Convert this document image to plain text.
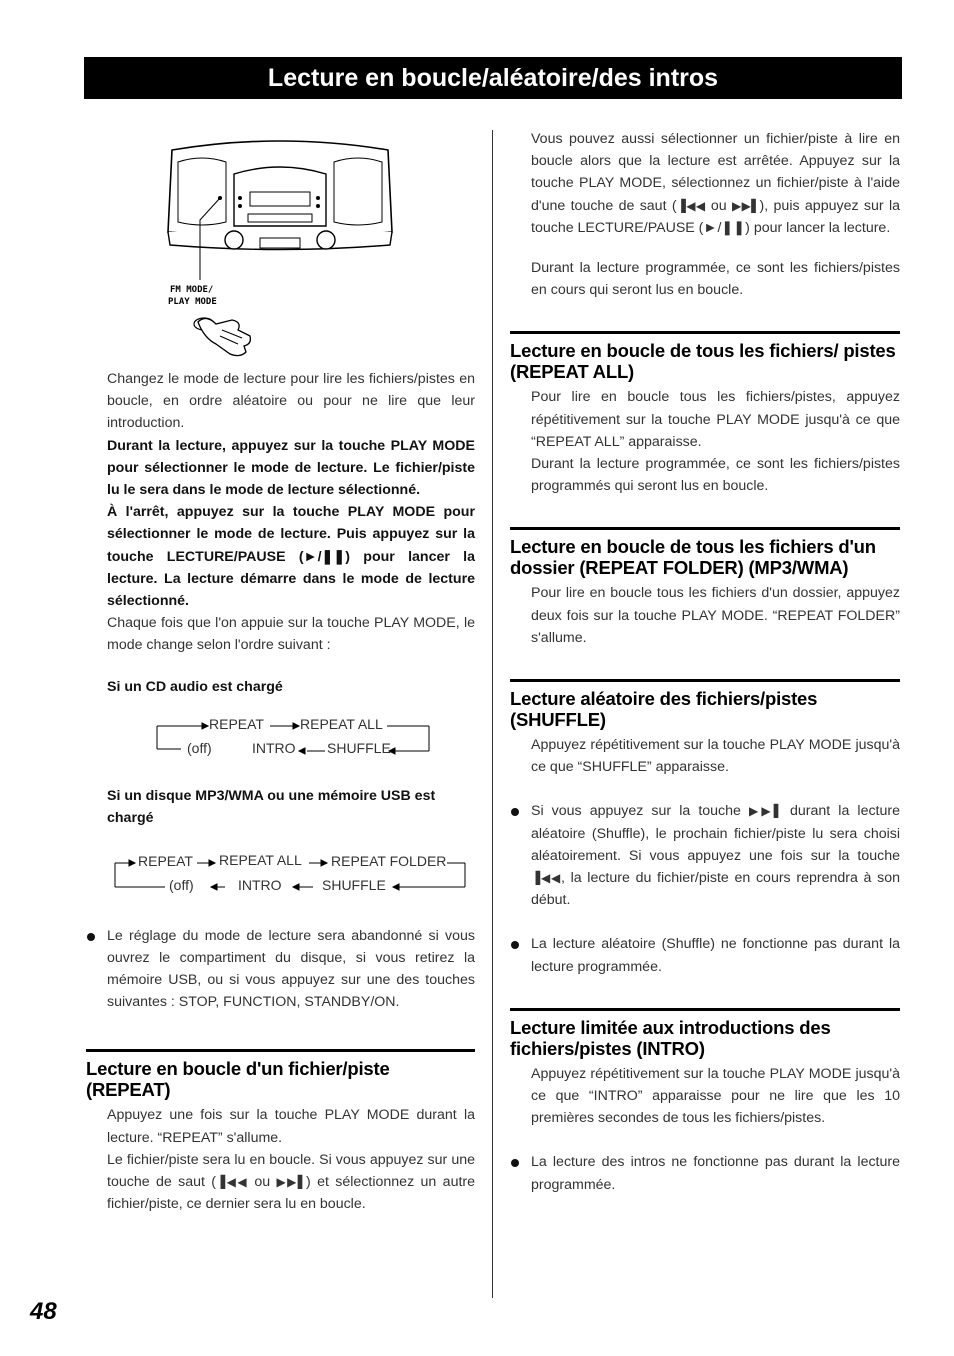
Lecture en boucle/aléatoire/des intros
FM MODE/
PLAY MODE

Changez le mode de lecture pour lire les fichiers/pistes en boucle, en ordre aléatoire ou pour ne lire que leur introduction.

Durant la lecture, appuyez sur la touche PLAY MODE pour sélectionner le mode de lecture. Le fichier/piste lu le sera dans le mode de lecture sélectionné.

À l'arrêt, appuyez sur la touche PLAY MODE pour sélectionner le mode de lecture. Puis appuyez sur la touche LECTURE/PAUSE (►/❚❚) pour lancer la lecture. La lecture démarre dans le mode de lecture sélectionné.

Chaque fois que l'on appuie sur la touche PLAY MODE, le mode change selon l'ordre suivant :

Si un CD audio est chargé

REPEAT	REPEAT ALL
(off)	INTRO SHUFFLE

Si un disque MP3/WMA ou une mémoire USB est chargé

REPEAT REPEAT ALL REPEAT FOLDER
(off)	INTRO	SHUFFLE

Le réglage du mode de lecture sera abandonné si vous ouvrez le compartiment du disque, si vous retirez la mémoire USB, ou si vous appuyez sur une des touches suivantes : STOP, FUNCTION, STANDBY/ON.

Lecture en boucle d'un fichier/piste (REPEAT)

Appuyez une fois sur la touche PLAY MODE durant la lecture. “REPEAT” s'allume.

Le fichier/piste sera lu en boucle. Si vous appuyez sur une touche de saut (▐◀◀ ou ▶▶▌) et sélectionnez un autre fichier/piste, ce dernier sera lu en boucle.

Vous pouvez aussi sélectionner un fichier/piste à lire en boucle alors que la lecture est arrêtée. Appuyez sur la touche PLAY MODE, sélectionnez un fichier/piste à l'aide d'une touche de saut (▐◀◀ ou ▶▶▌), puis appuyez sur la touche LECTURE/PAUSE (►/❚❚) pour lancer la lecture.

Durant la lecture programmée, ce sont les fichiers/pistes en cours qui seront lus en boucle.

Lecture en boucle de tous les fichiers/ pistes (REPEAT ALL)

Pour lire en boucle tous les fichiers/pistes, appuyez répétitivement sur la touche PLAY MODE jusqu'à ce que “REPEAT ALL” apparaisse.

Durant la lecture programmée, ce sont les fichiers/pistes programmés qui seront lus en boucle.

Lecture en boucle de tous les fichiers d'un dossier (REPEAT FOLDER) (MP3/WMA)

Pour lire en boucle tous les fichiers d'un dossier, appuyez deux fois sur la touche PLAY MODE. “REPEAT FOLDER” s'allume.

Lecture aléatoire des fichiers/pistes (SHUFFLE)

Appuyez répétitivement sur la touche PLAY MODE jusqu'à ce que “SHUFFLE” apparaisse.

Si vous appuyez sur la touche ▶▶▌ durant la lecture aléatoire (Shuffle), le prochain fichier/piste lu sera choisi aléatoirement. Si vous appuyez une fois sur la touche ▐◀◀, la lecture du fichier/piste en cours reprendra à son début.

La lecture aléatoire (Shuffle) ne fonctionne pas durant la lecture programmée.

Lecture limitée aux introductions des fichiers/pistes (INTRO)

Appuyez répétitivement sur la touche PLAY MODE jusqu'à ce que “INTRO” apparaisse pour ne lire que les 10 premières secondes de tous les fichiers/pistes.

La lecture des intros ne fonctionne pas durant la lecture programmée.

48
